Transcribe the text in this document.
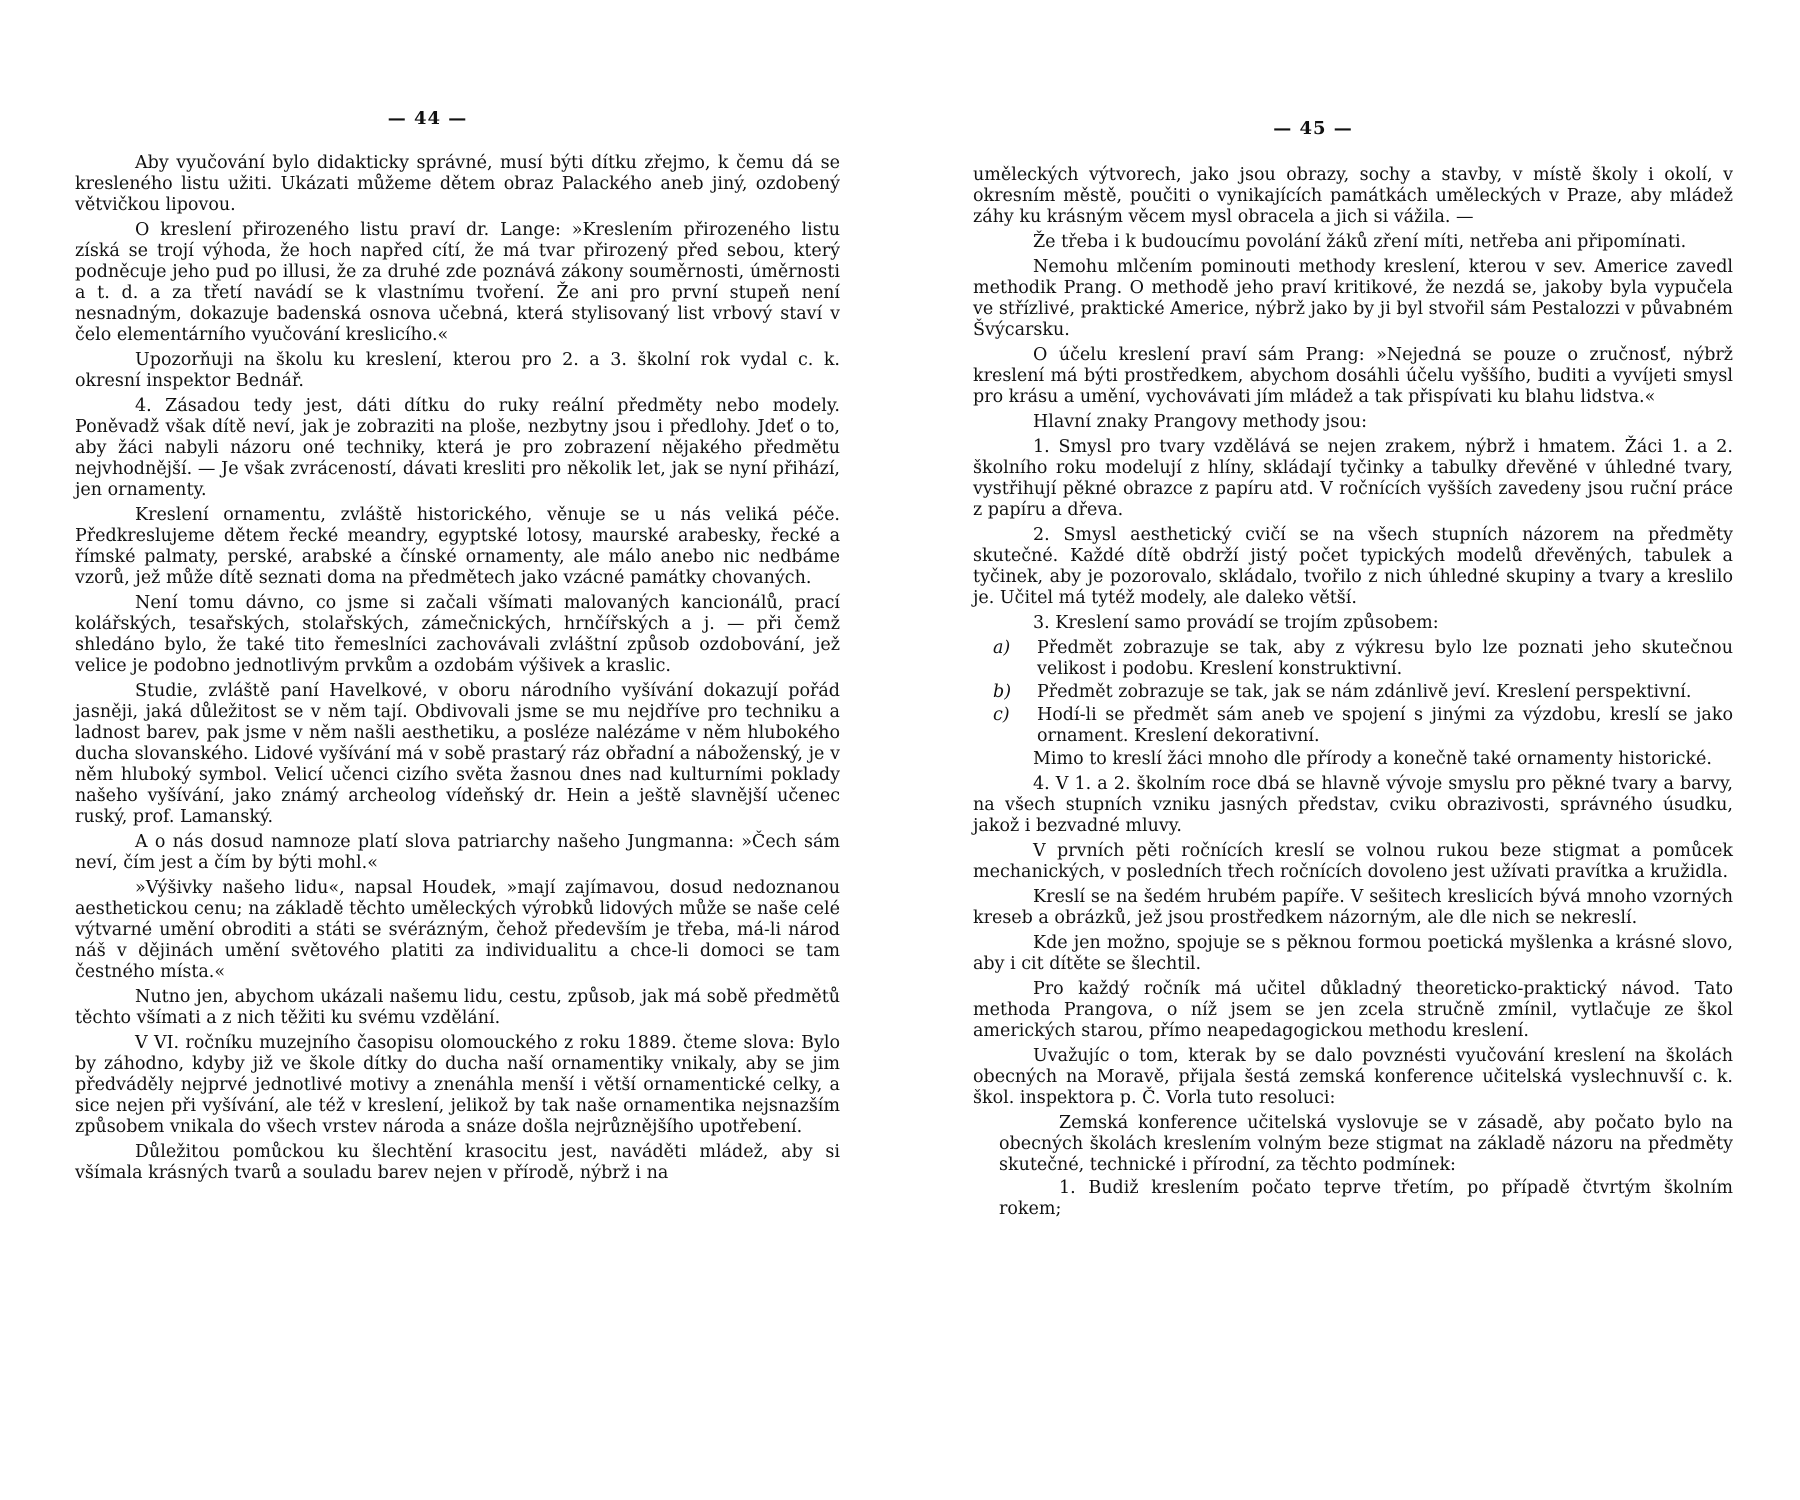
— 44 —

Aby vyučování bylo didakticky správné, musí býti dítku zřejmo, k čemu dá se kresleného listu užiti. Ukázati můžeme dětem obraz Palackého aneb jiný, ozdobený větvičkou lipovou.

O kreslení přirozeného listu praví dr. Lange: »Kreslením přirozeného listu získá se trojí výhoda, že hoch napřed cítí, že má tvar přirozený před sebou, který podněcuje jeho pud po illusi, že za druhé zde poznává zákony souměrnosti, úměrnosti a t. d. a za třetí navádí se k vlastnímu tvoření. Že ani pro první stupeň není nesnadným, dokazuje badenská osnova učebná, která stylisovaný list vrbový staví v čelo elementárního vyučování kreslicího.«

Upozorňuji na školu ku kreslení, kterou pro 2. a 3. školní rok vydal c. k. okresní inspektor Bednář.

4. Zásadou tedy jest, dáti dítku do ruky reální předměty nebo modely. Poněvadž však dítě neví, jak je zobraziti na ploše, nezbytny jsou i předlohy. Jdeť o to, aby žáci nabyli názoru oné techniky, která je pro zobrazení nějakého předmětu nejvhodnější. — Je však zvráceností, dávati kresliti pro několik let, jak se nyní přihází, jen ornamenty.

Kreslení ornamentu, zvláště historického, věnuje se u nás veliká péče. Předkreslujeme dětem řecké meandry, egyptské lotosy, maurské arabesky, řecké a římské palmaty, perské, arabské a čínské ornamenty, ale málo anebo nic nedbáme vzorů, jež může dítě seznati doma na předmětech jako vzácné památky chovaných.

Není tomu dávno, co jsme si začali všímati malovaných kancionálů, prací kolářských, tesařských, stolařských, zámečnických, hrnčířských a j. — při čemž shledáno bylo, že také tito řemeslníci zachovávali zvláštní způsob ozdobování, jež velice je podobno jednotlivým prvkům a ozdobám výšivek a kraslic.

Studie, zvláště paní Havelkové, v oboru národního vyšívání dokazují pořád jasněji, jaká důležitost se v něm tají. Obdivovali jsme se mu nejdříve pro techniku a ladnost barev, pak jsme v něm našli aesthetiku, a posléze nalézáme v něm hlubokého ducha slovanského. Lidové vyšívání má v sobě prastarý ráz obřadní a náboženský, je v něm hluboký symbol. Velicí učenci cizího světa žasnou dnes nad kulturními poklady našeho vyšívání, jako známý archeolog vídeňský dr. Hein a ještě slavnější učenec ruský, prof. Lamanský.

A o nás dosud namnoze platí slova patriarchy našeho Jungmanna: »Čech sám neví, čím jest a čím by býti mohl.«

»Výšivky našeho lidu«, napsal Houdek, »mají zajímavou, dosud nedoznanou aesthetickou cenu; na základě těchto uměleckých výrobků lidových může se naše celé výtvarné umění obroditi a státi se svérázným, čehož především je třeba, má-li národ náš v dějinách umění světového platiti za individualitu a chce-li domoci se tam čestného místa.«

Nutno jen, abychom ukázali našemu lidu, cestu, způsob, jak má sobě předmětů těchto všímati a z nich těžiti ku svému vzdělání.

V VI. ročníku muzejního časopisu olomouckého z roku 1889. čteme slova: Bylo by záhodno, kdyby již ve škole dítky do ducha naší ornamentiky vnikaly, aby se jim předváděly nejprvé jednotlivé motivy a znenáhla menší i větší ornamentické celky, a sice nejen při vyšívání, ale též v kreslení, jelikož by tak naše ornamentika nejsnazším způsobem vnikala do všech vrstev národa a snáze došla nejrůznějšího upotřebení.

Důležitou pomůckou ku šlechtění krasocitu jest, naváděti mládež, aby si všímala krásných tvarů a souladu barev nejen v přírodě, nýbrž i na

— 45 —

uměleckých výtvorech, jako jsou obrazy, sochy a stavby, v místě školy i okolí, v okresním městě, poučiti o vynikajících památkách uměleckých v Praze, aby mládež záhy ku krásným věcem mysl obracela a jich si vážila. —

Že třeba i k budoucímu povolání žáků zření míti, netřeba ani připomínati.

Nemohu mlčením pominouti methody kreslení, kterou v sev. Americe zavedl methodik Prang. O methodě jeho praví kritikové, že nezdá se, jakoby byla vypučela ve střízlivé, praktické Americe, nýbrž jako by ji byl stvořil sám Pestalozzi v půvabném Švýcarsku.

O účelu kreslení praví sám Prang: »Nejedná se pouze o zručnosť, nýbrž kreslení má býti prostředkem, abychom dosáhli účelu vyššího, buditi a vyvíjeti smysl pro krásu a umění, vychovávati jím mládež a tak přispívati ku blahu lidstva.«

Hlavní znaky Prangovy methody jsou:

1. Smysl pro tvary vzdělává se nejen zrakem, nýbrž i hmatem. Žáci 1. a 2. školního roku modelují z hlíny, skládají tyčinky a tabulky dřevěné v úhledné tvary, vystřihují pěkné obrazce z papíru atd. V ročnících vyšších zavedeny jsou ruční práce z papíru a dřeva.

2. Smysl aesthetický cvičí se na všech stupních názorem na předměty skutečné. Každé dítě obdrží jistý počet typických modelů dřevěných, tabulek a tyčinek, aby je pozorovalo, skládalo, tvořilo z nich úhledné skupiny a tvary a kreslilo je. Učitel má tytéž modely, ale daleko větší.

3. Kreslení samo provádí se trojím způsobem:

a) Předmět zobrazuje se tak, aby z výkresu bylo lze poznati jeho skutečnou velikost i podobu. Kreslení konstruktivní.
b) Předmět zobrazuje se tak, jak se nám zdánlivě jeví. Kreslení perspektivní.
c) Hodí-li se předmět sám aneb ve spojení s jinými za výzdobu, kreslí se jako ornament. Kreslení dekorativní.

Mimo to kreslí žáci mnoho dle přírody a konečně také ornamenty historické.

4. V 1. a 2. školním roce dbá se hlavně vývoje smyslu pro pěkné tvary a barvy, na všech stupních vzniku jasných představ, cviku obrazivosti, správného úsudku, jakož i bezvadné mluvy.

V prvních pěti ročnících kreslí se volnou rukou beze stigmat a pomůcek mechanických, v posledních třech ročnících dovoleno jest užívati pravítka a kružidla.

Kreslí se na šedém hrubém papíře. V sešitech kreslicích bývá mnoho vzorných kreseb a obrázků, jež jsou prostředkem názorným, ale dle nich se nekreslí.

Kde jen možno, spojuje se s pěknou formou poetická myšlenka a krásné slovo, aby i cit dítěte se šlechtil.

Pro každý ročník má učitel důkladný theoreticko-praktický návod. Tato methoda Prangova, o níž jsem se jen zcela stručně zmínil, vytlačuje ze škol amerických starou, přímo neapedagogickou methodu kreslení.

Uvažujíc o tom, kterak by se dalo povznésti vyučování kreslení na školách obecných na Moravě, přijala šestá zemská konference učitelská vyslechnuvší c. k. škol. inspektora p. Č. Vorla tuto resoluci:

Zemská konference učitelská vyslovuje se v zásadě, aby počato bylo na obecných školách kreslením volným beze stigmat na základě názoru na předměty skutečné, technické i přírodní, za těchto podmínek:

1. Budiž kreslením počato teprve třetím, po případě čtvrtým školním rokem;
